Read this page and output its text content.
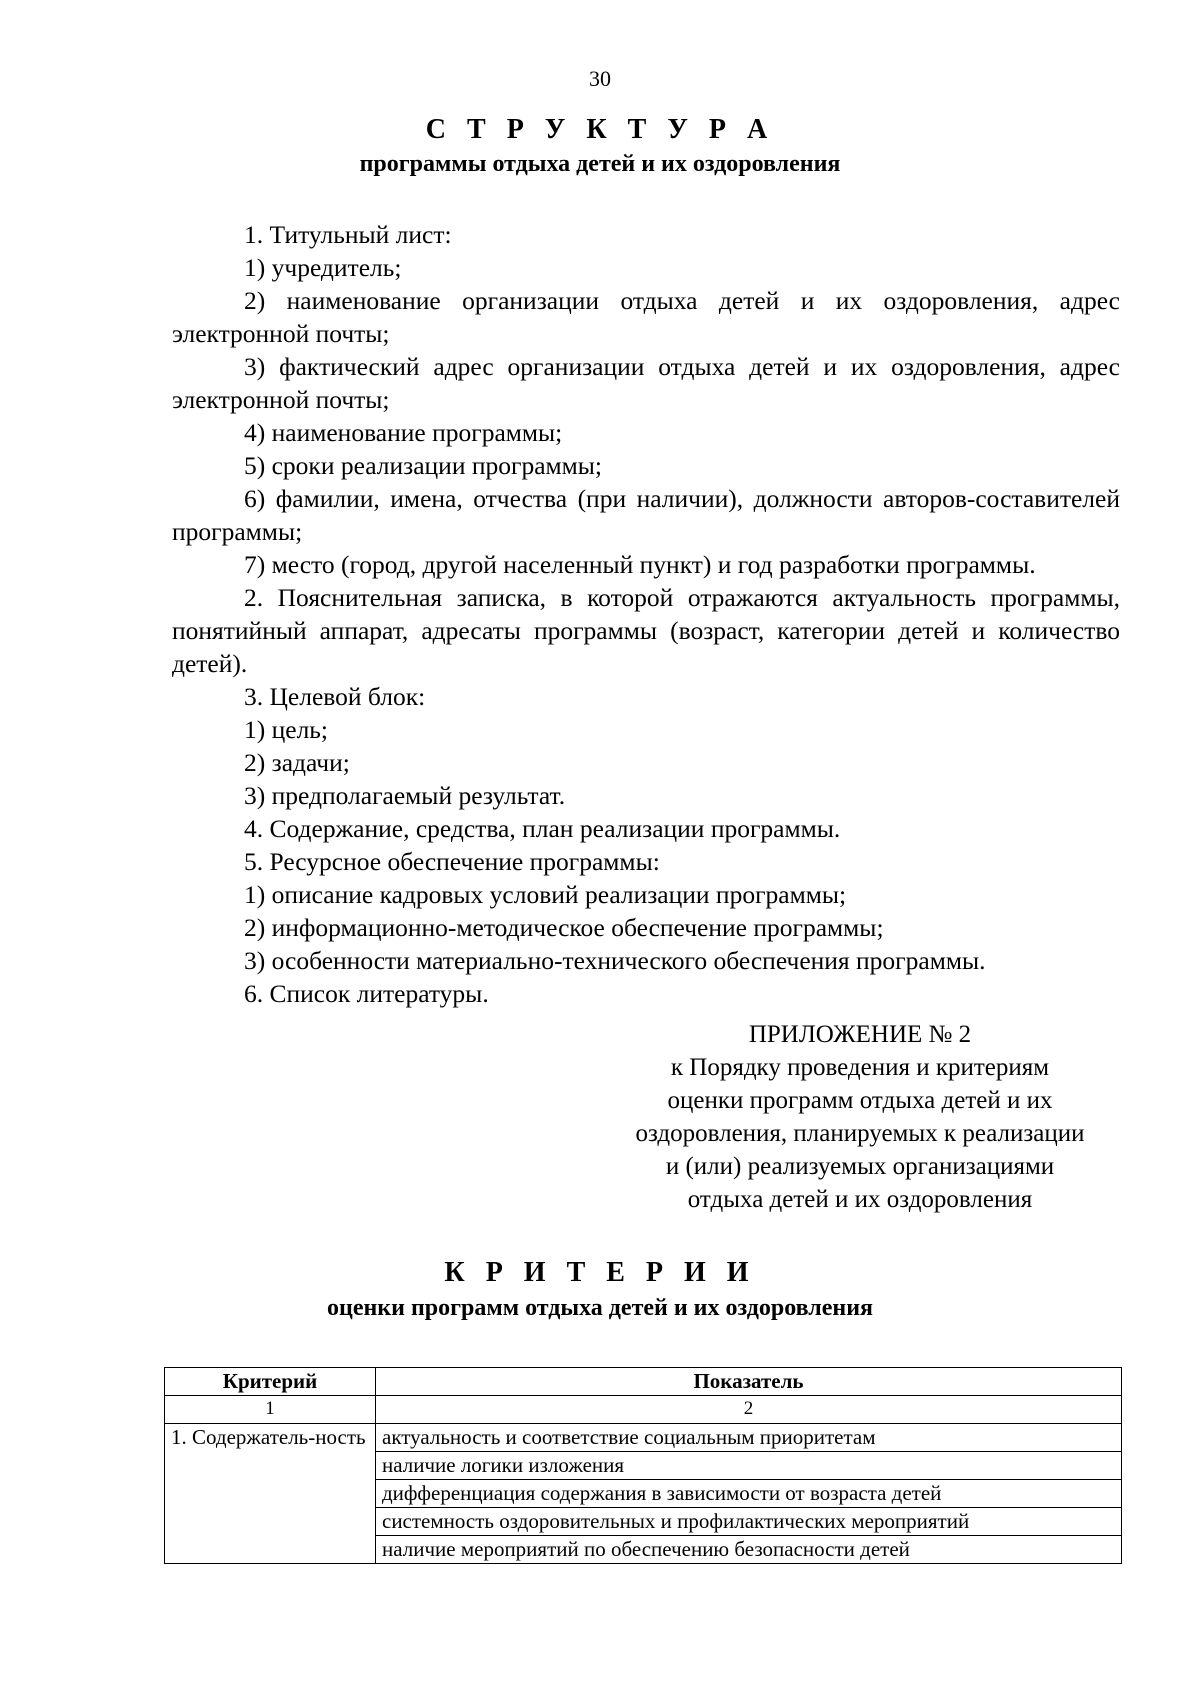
30
С Т Р У К Т У Р А
программы отдыха детей и их оздоровления
1. Титульный лист:
1) учредитель;
2) наименование организации отдыха детей и их оздоровления, адрес электронной почты;
3) фактический адрес организации отдыха детей и их оздоровления, адрес электронной почты;
4) наименование программы;
5) сроки реализации программы;
6) фамилии, имена, отчества (при наличии), должности авторов-составителей программы;
7) место (город, другой населенный пункт) и год разработки программы.
2. Пояснительная записка, в которой отражаются актуальность программы, понятийный аппарат, адресаты программы (возраст, категории детей и количество детей).
3. Целевой блок:
1) цель;
2) задачи;
3) предполагаемый результат.
4. Содержание, средства, план реализации программы.
5. Ресурсное обеспечение программы:
1) описание кадровых условий реализации программы;
2) информационно-методическое обеспечение программы;
3) особенности материально-технического обеспечения программы.
6. Список литературы.
ПРИЛОЖЕНИЕ № 2
к Порядку проведения и критериям
оценки программ отдыха детей и их
оздоровления, планируемых к реализации
и (или) реализуемых организациями
отдыха детей и их оздоровления
К Р И Т Е Р И И
оценки программ отдыха детей и их оздоровления
Критерий	Показатель
1	2
1. Содержатель-ность	актуальность и соответствие социальным приоритетам
	наличие логики изложения
	дифференциация содержания в зависимости от возраста детей
	системность оздоровительных и профилактических мероприятий
	наличие мероприятий по обеспечению безопасности детей
